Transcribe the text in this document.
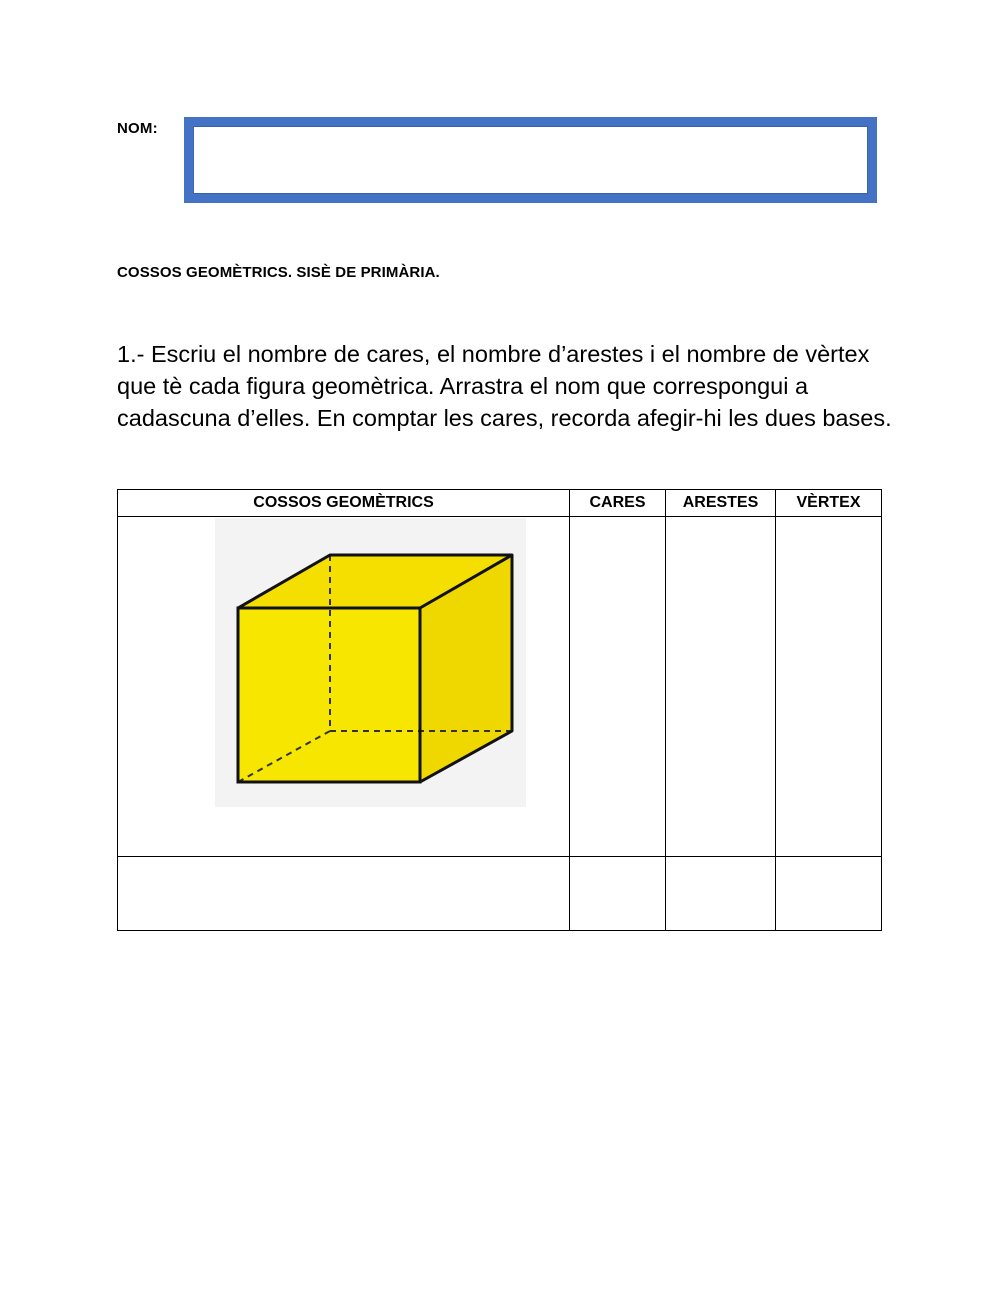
NOM:
COSSOS GEOMÈTRICS. SISÈ DE PRIMÀRIA.
1.- Escriu el nombre de cares, el nombre d’arestes i el nombre de vèrtex que tè cada figura geomètrica. Arrastra el nom que correspongui a cadascuna d’elles. En comptar les cares, recorda afegir-hi les dues bases.
COSSOS GEOMÈTRICS	CARES	ARESTES	VÈRTEX
